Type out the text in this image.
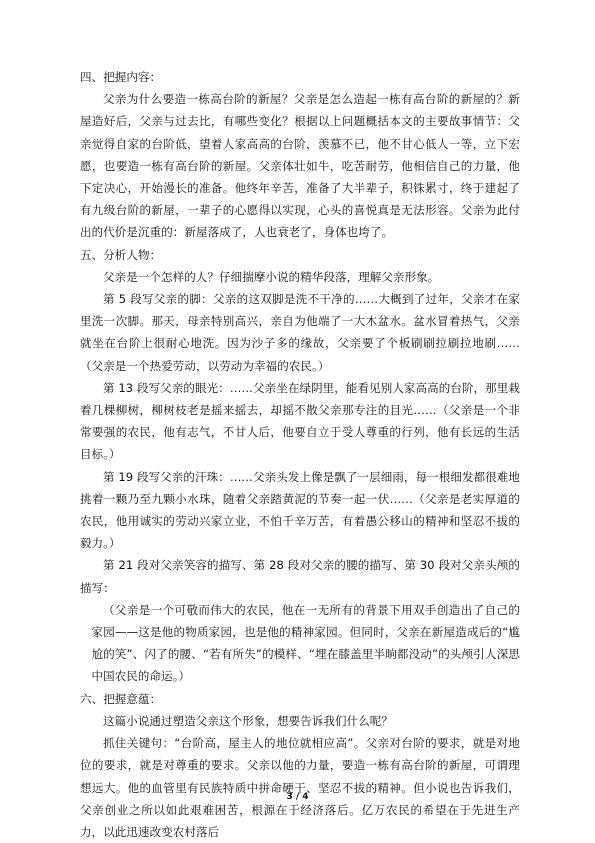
四、把握内容：

父亲为什么要造一栋高台阶的新屋？父亲是怎么造起一栋有高台阶的新屋的？新屋造好后，父亲与过去比，有哪些变化？根据以上问题概括本文的主要故事情节：父亲觉得自家的台阶低，望着人家高高的台阶，羡慕不已，他不甘心低人一等，立下宏愿，也要造一栋有高台阶的新屋。父亲体壮如牛，吃苦耐劳，他相信自己的力量，他下定决心，开始漫长的准备。他终年辛苦，准备了大半辈子，积铢累寸，终于建起了有九级台阶的新屋，一辈子的心愿得以实现，心头的喜悦真是无法形容。父亲为此付出的代价是沉重的：新屋落成了，人也衰老了，身体也垮了。

五、分析人物：

父亲是一个怎样的人？仔细揣摩小说的精华段落，理解父亲形象。

第 5 段写父亲的脚：父亲的这双脚是洗不干净的……大概到了过年，父亲才在家里洗一次脚。那天，母亲特别高兴，亲自为他端了一大木盆水。盆水冒着热气，父亲就坐在台阶上很耐心地洗。因为沙子多的缘故，父亲要了个板刷刷拉刷拉地刷……（父亲是一个热爱劳动，以劳动为幸福的农民。）

第 13 段写父亲的眼光：……父亲坐在绿阴里，能看见别人家高高的台阶，那里栽着几棵柳树，柳树枝老是摇来摇去，却摇不散父亲那专注的目光……（父亲是一个非常要强的农民，他有志气，不甘人后，他要自立于受人尊重的行列，他有长远的生活目标。）

第 19 段写父亲的汗珠：……父亲头发上像是飘了一层细雨，每一根细发都很难地挑着一颗乃至九颗小水珠，随着父亲踏黄泥的节奏一起一伏……（父亲是老实厚道的农民，他用诚实的劳动兴家立业，不怕千辛万苦，有着愚公移山的精神和坚忍不拔的毅力。）

第 21 段对父亲笑容的描写、第 28 段对父亲的腰的描写、第 30 段对父亲头颅的描写：

（父亲是一个可敬而伟大的农民，他在一无所有的背景下用双手创造出了自己的家园——这是他的物质家园，也是他的精神家园。但同时，父亲在新屋造成后的“尴尬的笑”、闪了的腰、“若有所失”的模样、“埋在膝盖里半晌都没动”的头颅引人深思中国农民的命运。）

六、把握意蕴：

这篇小说通过塑造父亲这个形象，想要告诉我们什么呢？

抓住关键句：“台阶高，屋主人的地位就相应高”。父亲对台阶的要求，就是对地位的要求，就是对尊重的要求。父亲以他的力量，要造一栋有高台阶的新屋，可谓理想远大。他的血管里有民族特质中拼命硬干、坚忍不拔的精神。但小说也告诉我们，父亲创业之所以如此艰难困苦，根源在于经济落后。亿万农民的希望在于先进生产力，以此迅速改变农村落后

3 / 4
